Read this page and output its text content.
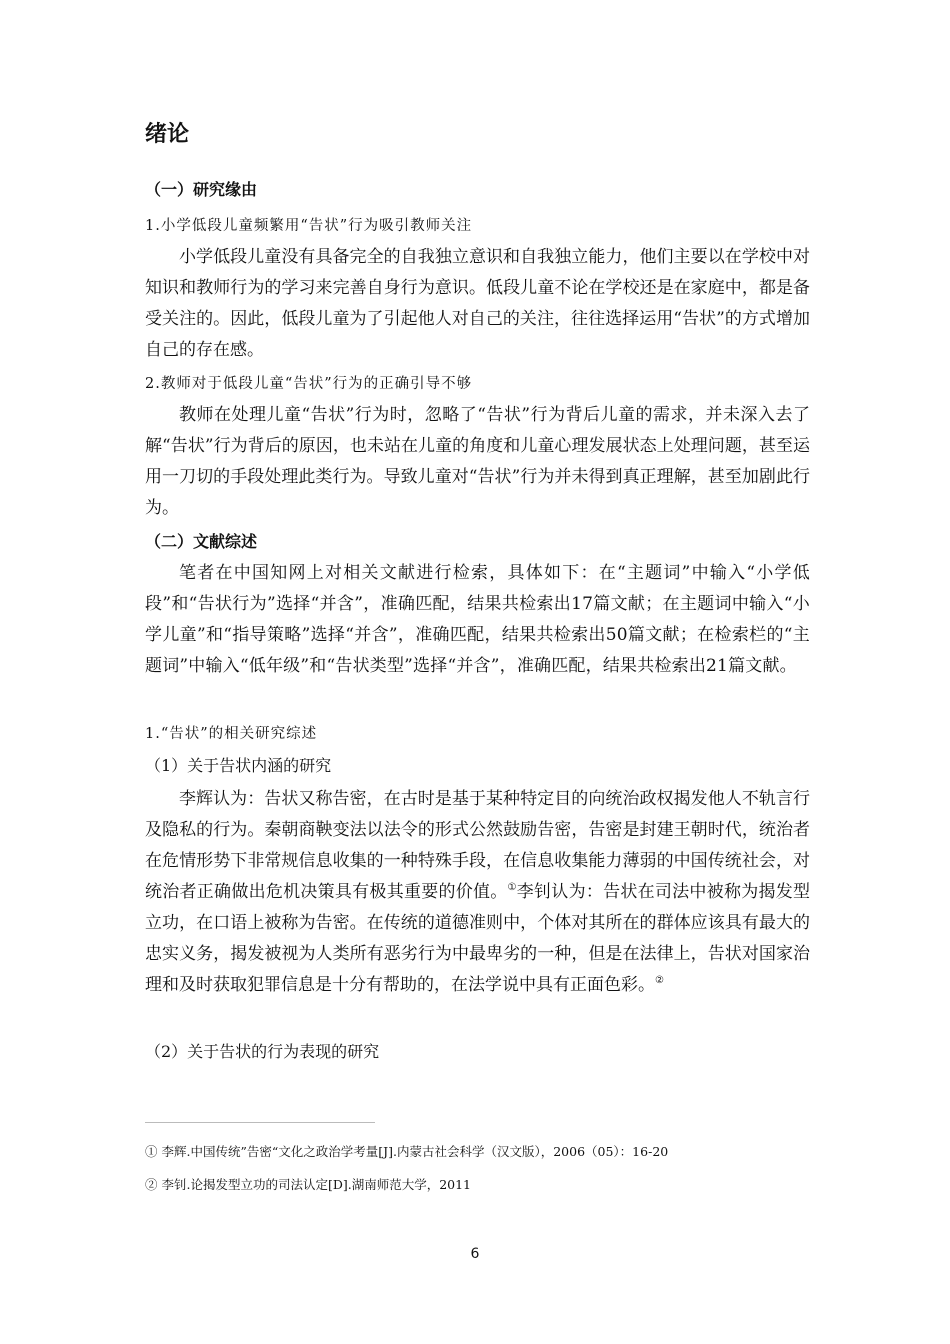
绪论
（一）研究缘由
1.小学低段儿童频繁用“告状”行为吸引教师关注

小学低段儿童没有具备完全的自我独立意识和自我独立能力，他们主要以在学校中对知识和教师行为的学习来完善自身行为意识。低段儿童不论在学校还是在家庭中，都是备受关注的。因此，低段儿童为了引起他人对自己的关注，往往选择运用“告状”的方式增加自己的存在感。

2.教师对于低段儿童“告状”行为的正确引导不够

教师在处理儿童“告状”行为时，忽略了“告状”行为背后儿童的需求，并未深入去了解“告状”行为背后的原因，也未站在儿童的角度和儿童心理发展状态上处理问题，甚至运用一刀切的手段处理此类行为。导致儿童对“告状”行为并未得到真正理解，甚至加剧此行为。

（二）文献综述

笔者在中国知网上对相关文献进行检索，具体如下：在“主题词”中输入“小学低段”和“告状行为”选择“并含”，准确匹配，结果共检索出17篇文献；在主题词中输入“小学儿童”和“指导策略”选择“并含”，准确匹配，结果共检索出50篇文献；在检索栏的“主题词”中输入“低年级”和“告状类型”选择“并含”，准确匹配，结果共检索出21篇文献。

1.“告状”的相关研究综述
（1）关于告状内涵的研究

李辉认为：告状又称告密，在古时是基于某种特定目的向统治政权揭发他人不轨言行及隐私的行为。秦朝商鞅变法以法令的形式公然鼓励告密，告密是封建王朝时代，统治者在危情形势下非常规信息收集的一种特殊手段，在信息收集能力薄弱的中国传统社会，对统治者正确做出危机决策具有极其重要的价值。①李钊认为：告状在司法中被称为揭发型立功，在口语上被称为告密。在传统的道德准则中，个体对其所在的群体应该具有最大的忠实义务，揭发被视为人类所有恶劣行为中最卑劣的一种，但是在法律上，告状对国家治理和及时获取犯罪信息是十分有帮助的，在法学说中具有正面色彩。②

（2）关于告状的行为表现的研究
① 李辉.中国传统”告密“文化之政治学考量[J].内蒙古社会科学（汉文版），2006（05）：16-20
② 李钊.论揭发型立功的司法认定[D].湖南师范大学，2011
6
